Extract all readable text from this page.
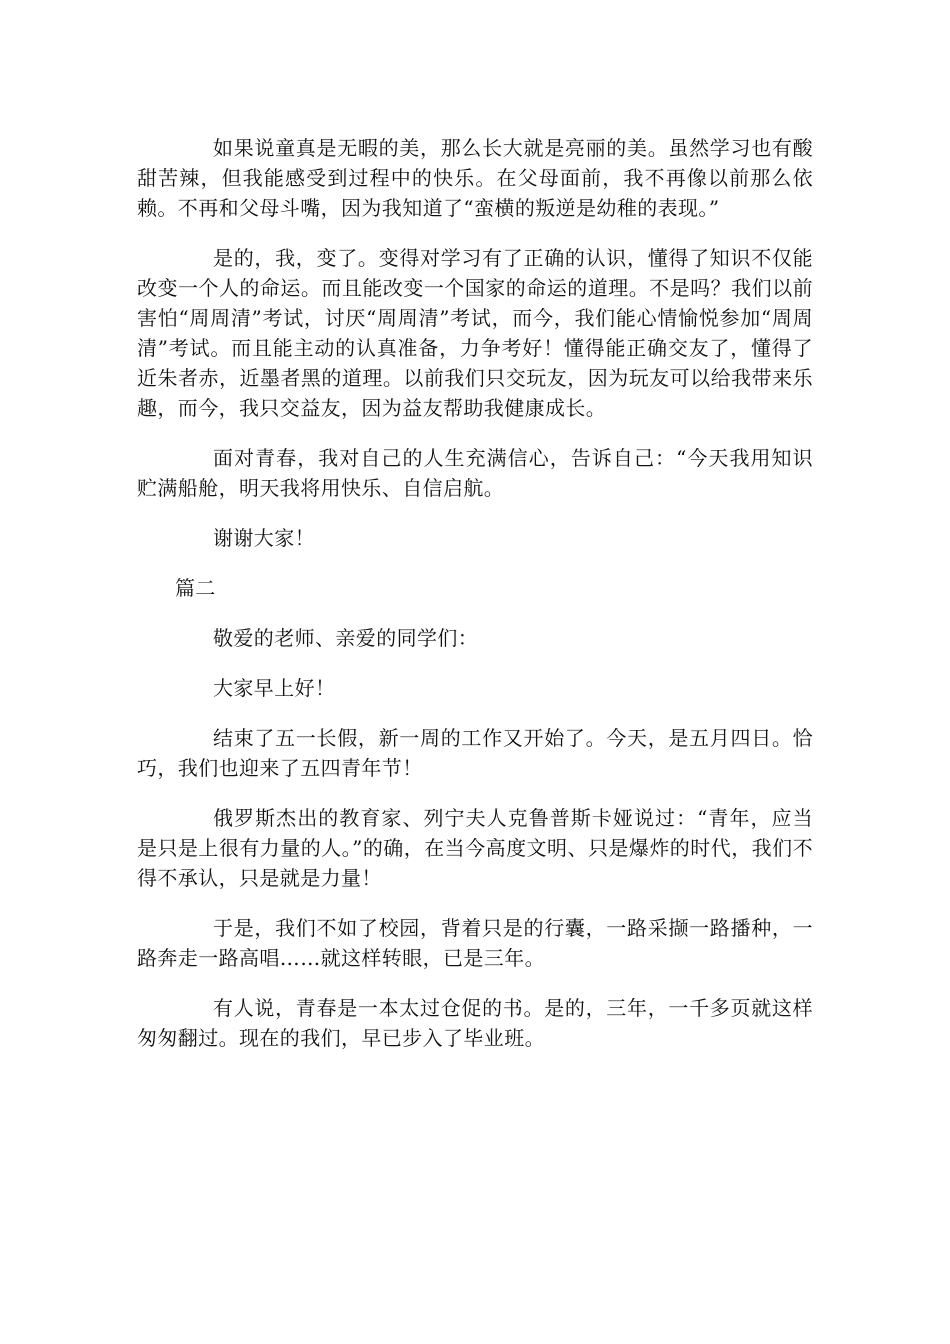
如果说童真是无暇的美，那么长大就是亮丽的美。虽然学习也有酸甜苦辣，但我能感受到过程中的快乐。在父母面前，我不再像以前那么依赖。不再和父母斗嘴，因为我知道了“蛮横的叛逆是幼稚的表现。”

是的，我，变了。变得对学习有了正确的认识，懂得了知识不仅能改变一个人的命运。而且能改变一个国家的命运的道理。不是吗？我们以前害怕“周周清”考试，讨厌“周周清”考试，而今，我们能心情愉悦参加“周周清”考试。而且能主动的认真准备，力争考好！懂得能正确交友了，懂得了近朱者赤，近墨者黑的道理。以前我们只交玩友，因为玩友可以给我带来乐趣，而今，我只交益友，因为益友帮助我健康成长。

面对青春，我对自己的人生充满信心，告诉自己：“今天我用知识贮满船舱，明天我将用快乐、自信启航。

谢谢大家！

篇二

敬爱的老师、亲爱的同学们：

大家早上好！

结束了五一长假，新一周的工作又开始了。今天，是五月四日。恰巧，我们也迎来了五四青年节！

俄罗斯杰出的教育家、列宁夫人克鲁普斯卡娅说过：“青年，应当是只是上很有力量的人。”的确，在当今高度文明、只是爆炸的时代，我们不得不承认，只是就是力量！

于是，我们不如了校园，背着只是的行囊，一路采撷一路播种，一路奔走一路高唱……就这样转眼，已是三年。

有人说，青春是一本太过仓促的书。是的，三年，一千多页就这样匆匆翻过。现在的我们，早已步入了毕业班。
